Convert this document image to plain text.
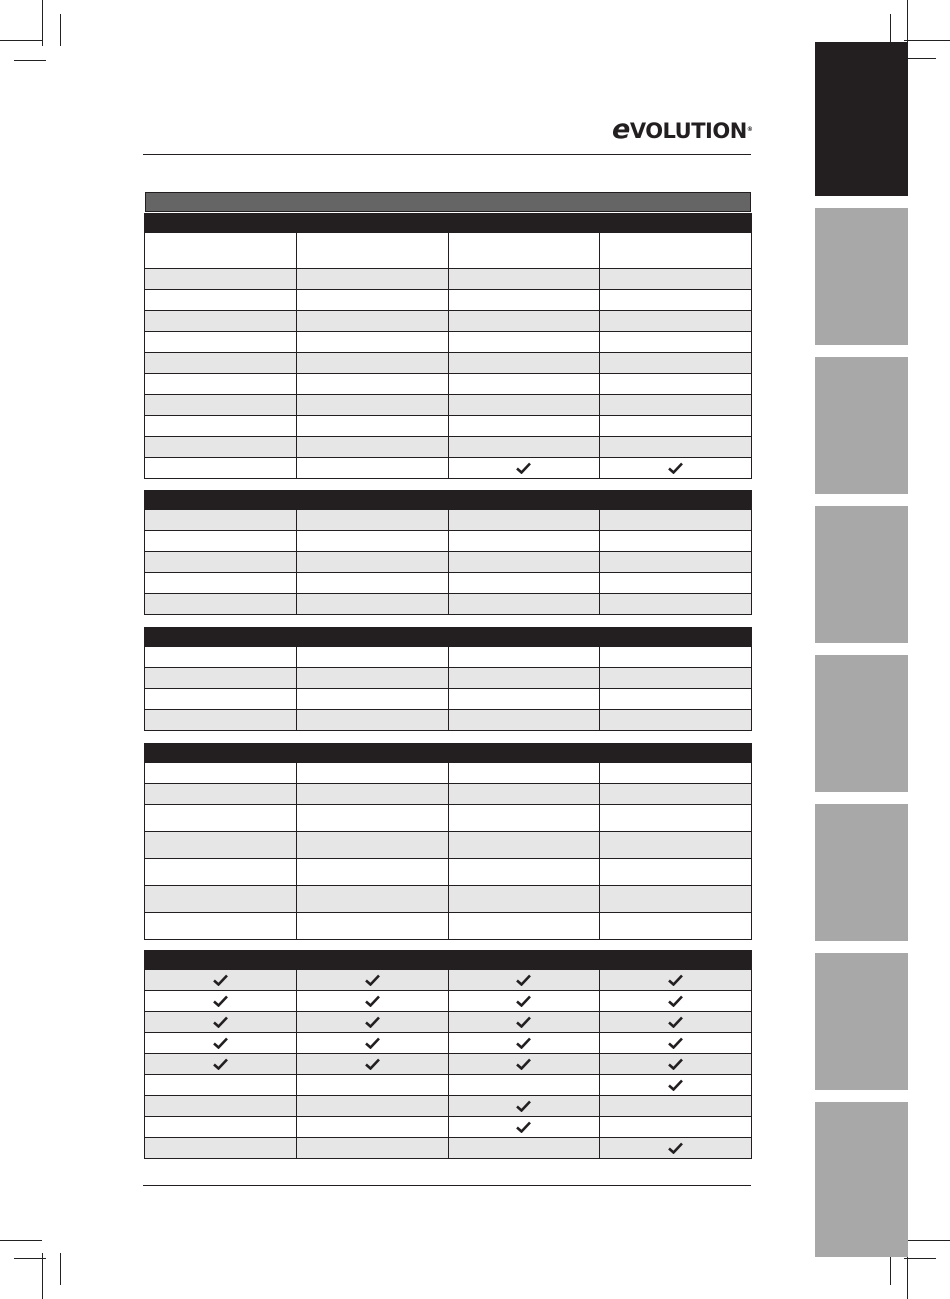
eVOLUTION®
